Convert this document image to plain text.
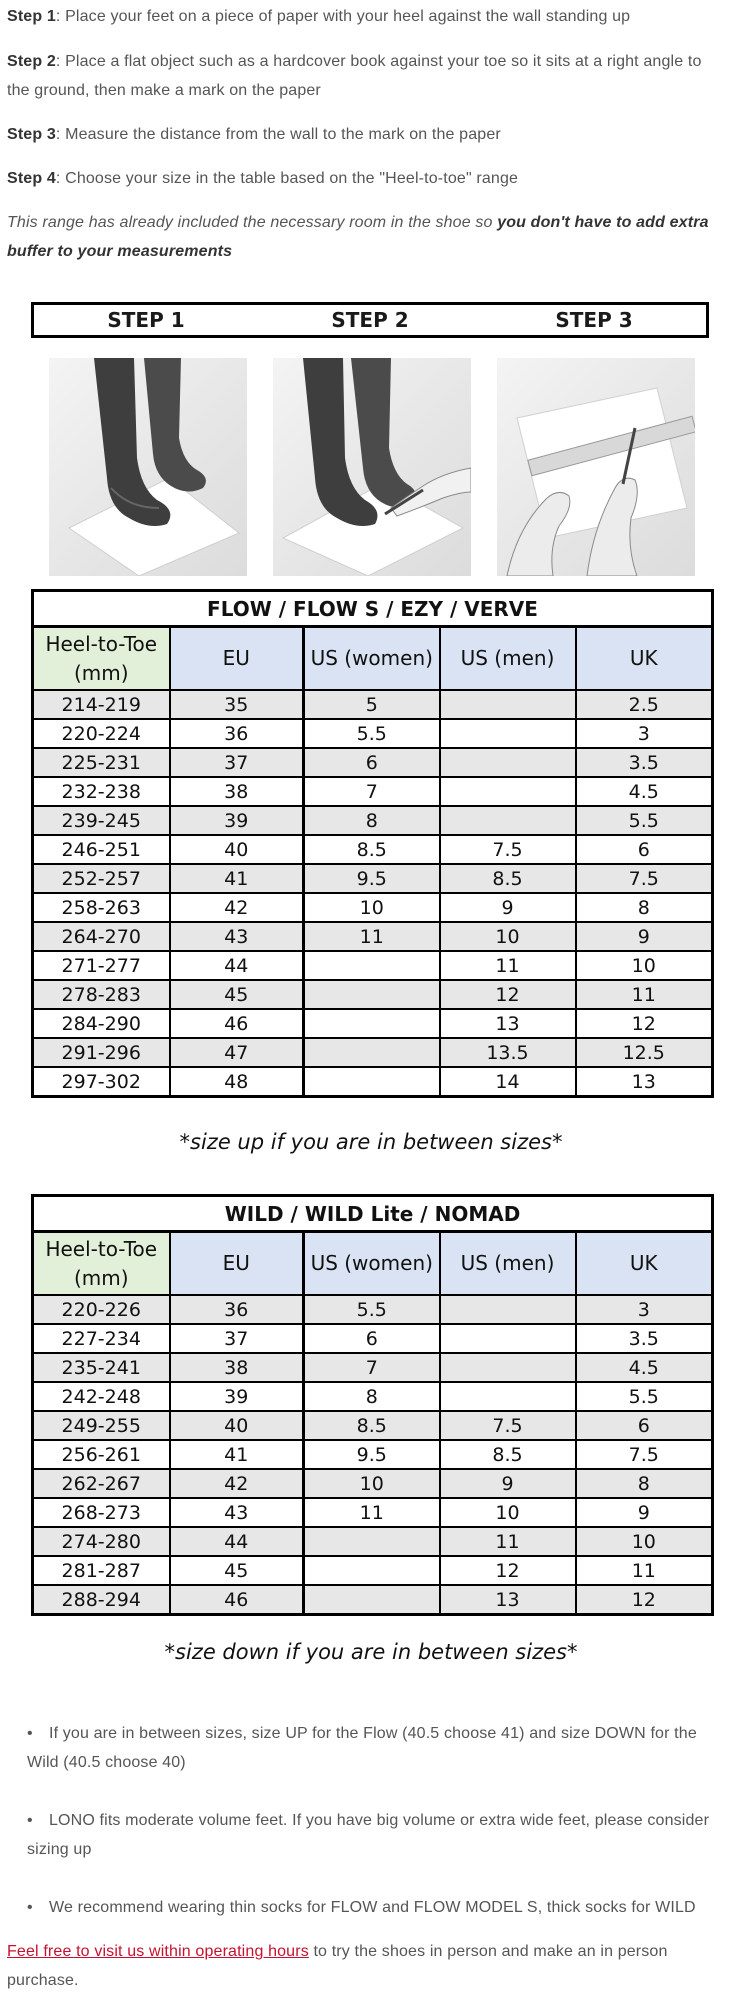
Step 1: Place your feet on a piece of paper with your heel against the wall standing up
Step 2: Place a flat object such as a hardcover book against your toe so it sits at a right angle to the ground, then make a mark on the paper
Step 3: Measure the distance from the wall to the mark on the paper
Step 4: Choose your size in the table based on the "Heel-to-toe" range
This range has already included the necessary room in the shoe so you don't have to add extra buffer to your measurements
STEP 1	STEP 2	STEP 3
FLOW / FLOW S / EZY / VERVE				
Heel-to-Toe (mm)	EU	US (women)	US (men)	UK
214-219	35	5		2.5
220-224	36	5.5		3
225-231	37	6		3.5
232-238	38	7		4.5
239-245	39	8		5.5
246-251	40	8.5	7.5	6
252-257	41	9.5	8.5	7.5
258-263	42	10	9	8
264-270	43	11	10	9
271-277	44		11	10
278-283	45		12	11
284-290	46		13	12
291-296	47		13.5	12.5
297-302	48		14	13
*size up if you are in between sizes*
WILD / WILD Lite / NOMAD				
Heel-to-Toe (mm)	EU	US (women)	US (men)	UK
220-226	36	5.5		3
227-234	37	6		3.5
235-241	38	7		4.5
242-248	39	8		5.5
249-255	40	8.5	7.5	6
256-261	41	9.5	8.5	7.5
262-267	42	10	9	8
268-273	43	11	10	9
274-280	44		11	10
281-287	45		12	11
288-294	46		13	12
*size down if you are in between sizes*
•	If you are in between sizes, size UP for the Flow (40.5 choose 41) and size DOWN for the Wild (40.5 choose 40)
•	LONO fits moderate volume feet. If you have big volume or extra wide feet, please consider sizing up
•	We recommend wearing thin socks for FLOW and FLOW MODEL S, thick socks for WILD
Feel free to visit us within operating hours to try the shoes in person and make an in person purchase.
